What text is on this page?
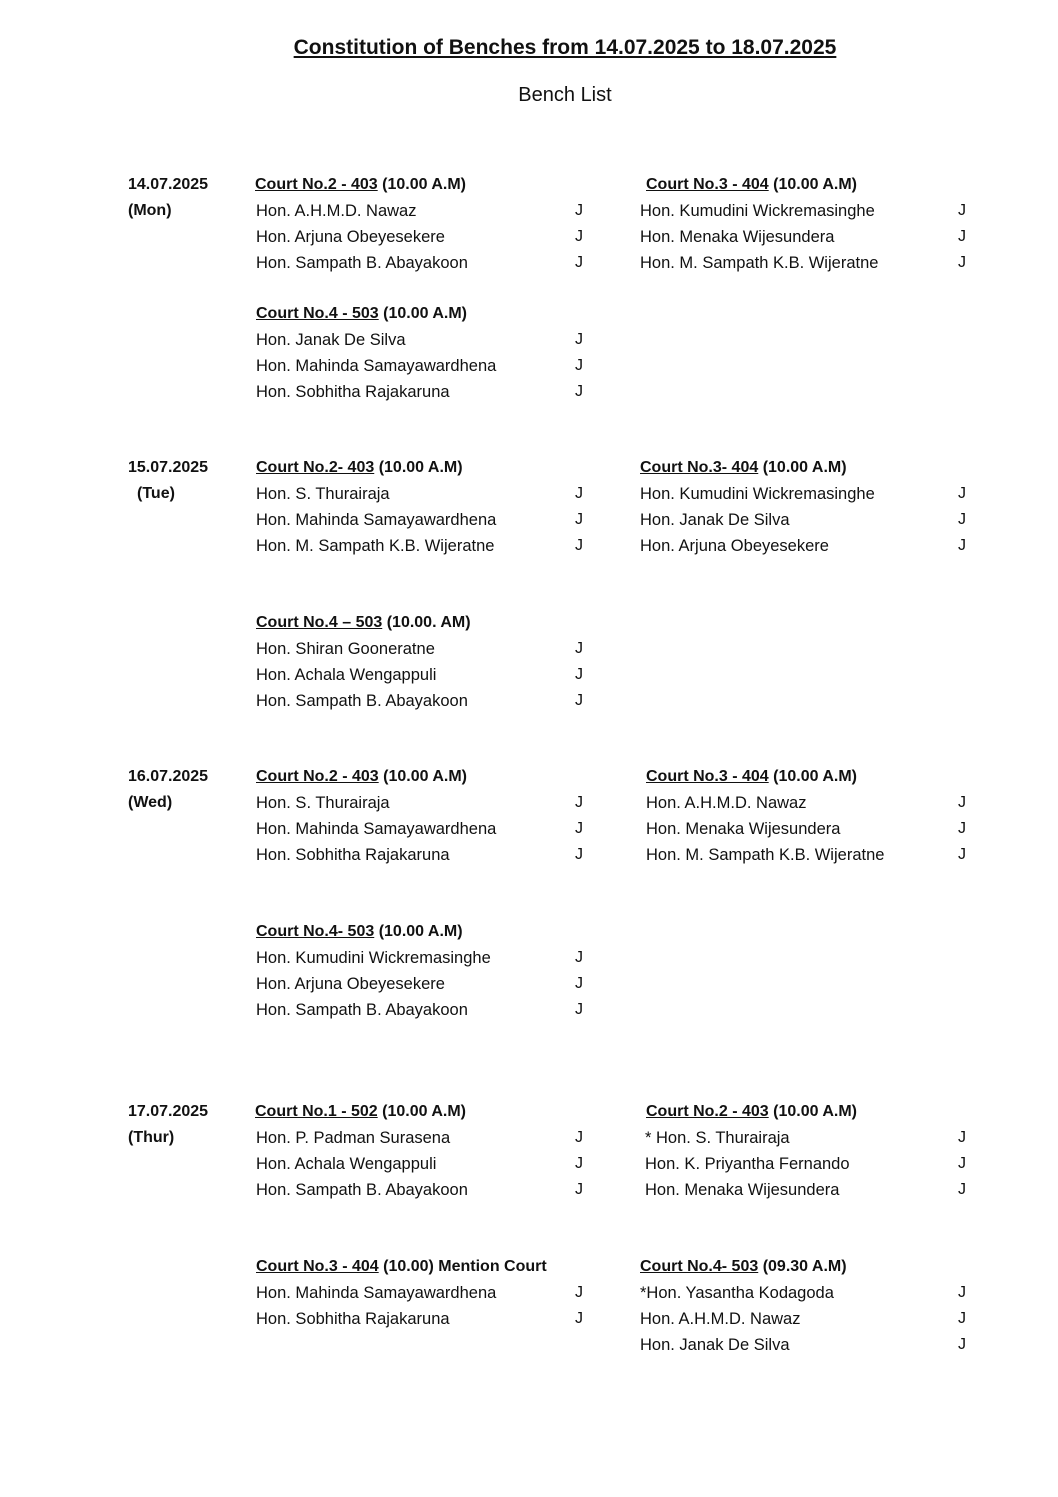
Constitution of Benches from 14.07.2025 to 18.07.2025
Bench List
14.07.2025
(Mon)
Court No.2 - 403 (10.00 A.M)
Hon. A.H.M.D. Nawaz	J
Hon. Arjuna Obeyesekere	J
Hon. Sampath B. Abayakoon	J
Court No.3 - 404 (10.00 A.M)
Hon. Kumudini Wickremasinghe	J
Hon. Menaka Wijesundera	J
Hon. M. Sampath K.B. Wijeratne	J
Court No.4 - 503 (10.00 A.M)
Hon. Janak De Silva	J
Hon. Mahinda Samayawardhena	J
Hon. Sobhitha Rajakaruna	J
15.07.2025
(Tue)
Court No.2- 403 (10.00 A.M)
Hon. S. Thurairaja	J
Hon. Mahinda Samayawardhena	J
Hon. M. Sampath K.B. Wijeratne	J
Court No.3- 404 (10.00 A.M)
Hon. Kumudini Wickremasinghe	J
Hon. Janak De Silva	J
Hon. Arjuna Obeyesekere	J
Court No.4 – 503 (10.00. AM)
Hon. Shiran Gooneratne	J
Hon. Achala Wengappuli	J
Hon. Sampath B. Abayakoon	J
16.07.2025
(Wed)
Court No.2 - 403 (10.00 A.M)
Hon. S. Thurairaja	J
Hon. Mahinda Samayawardhena	J
Hon. Sobhitha Rajakaruna	J
Court No.3 - 404 (10.00 A.M)
Hon. A.H.M.D. Nawaz	J
Hon. Menaka Wijesundera	J
Hon. M. Sampath K.B. Wijeratne	J
Court No.4- 503 (10.00 A.M)
Hon. Kumudini Wickremasinghe	J
Hon. Arjuna Obeyesekere	J
Hon. Sampath B. Abayakoon	J
17.07.2025
(Thur)
Court No.1 - 502 (10.00 A.M)
Hon. P. Padman Surasena	J
Hon. Achala Wengappuli	J
Hon. Sampath B. Abayakoon	J
Court No.2 - 403 (10.00 A.M)
* Hon. S. Thurairaja	J
Hon. K. Priyantha Fernando	J
Hon. Menaka Wijesundera	J
Court No.3 - 404 (10.00) Mention Court
Hon. Mahinda Samayawardhena	J
Hon. Sobhitha Rajakaruna	J
Court No.4- 503 (09.30 A.M)
*Hon. Yasantha Kodagoda	J
Hon. A.H.M.D. Nawaz	J
Hon. Janak De Silva	J
